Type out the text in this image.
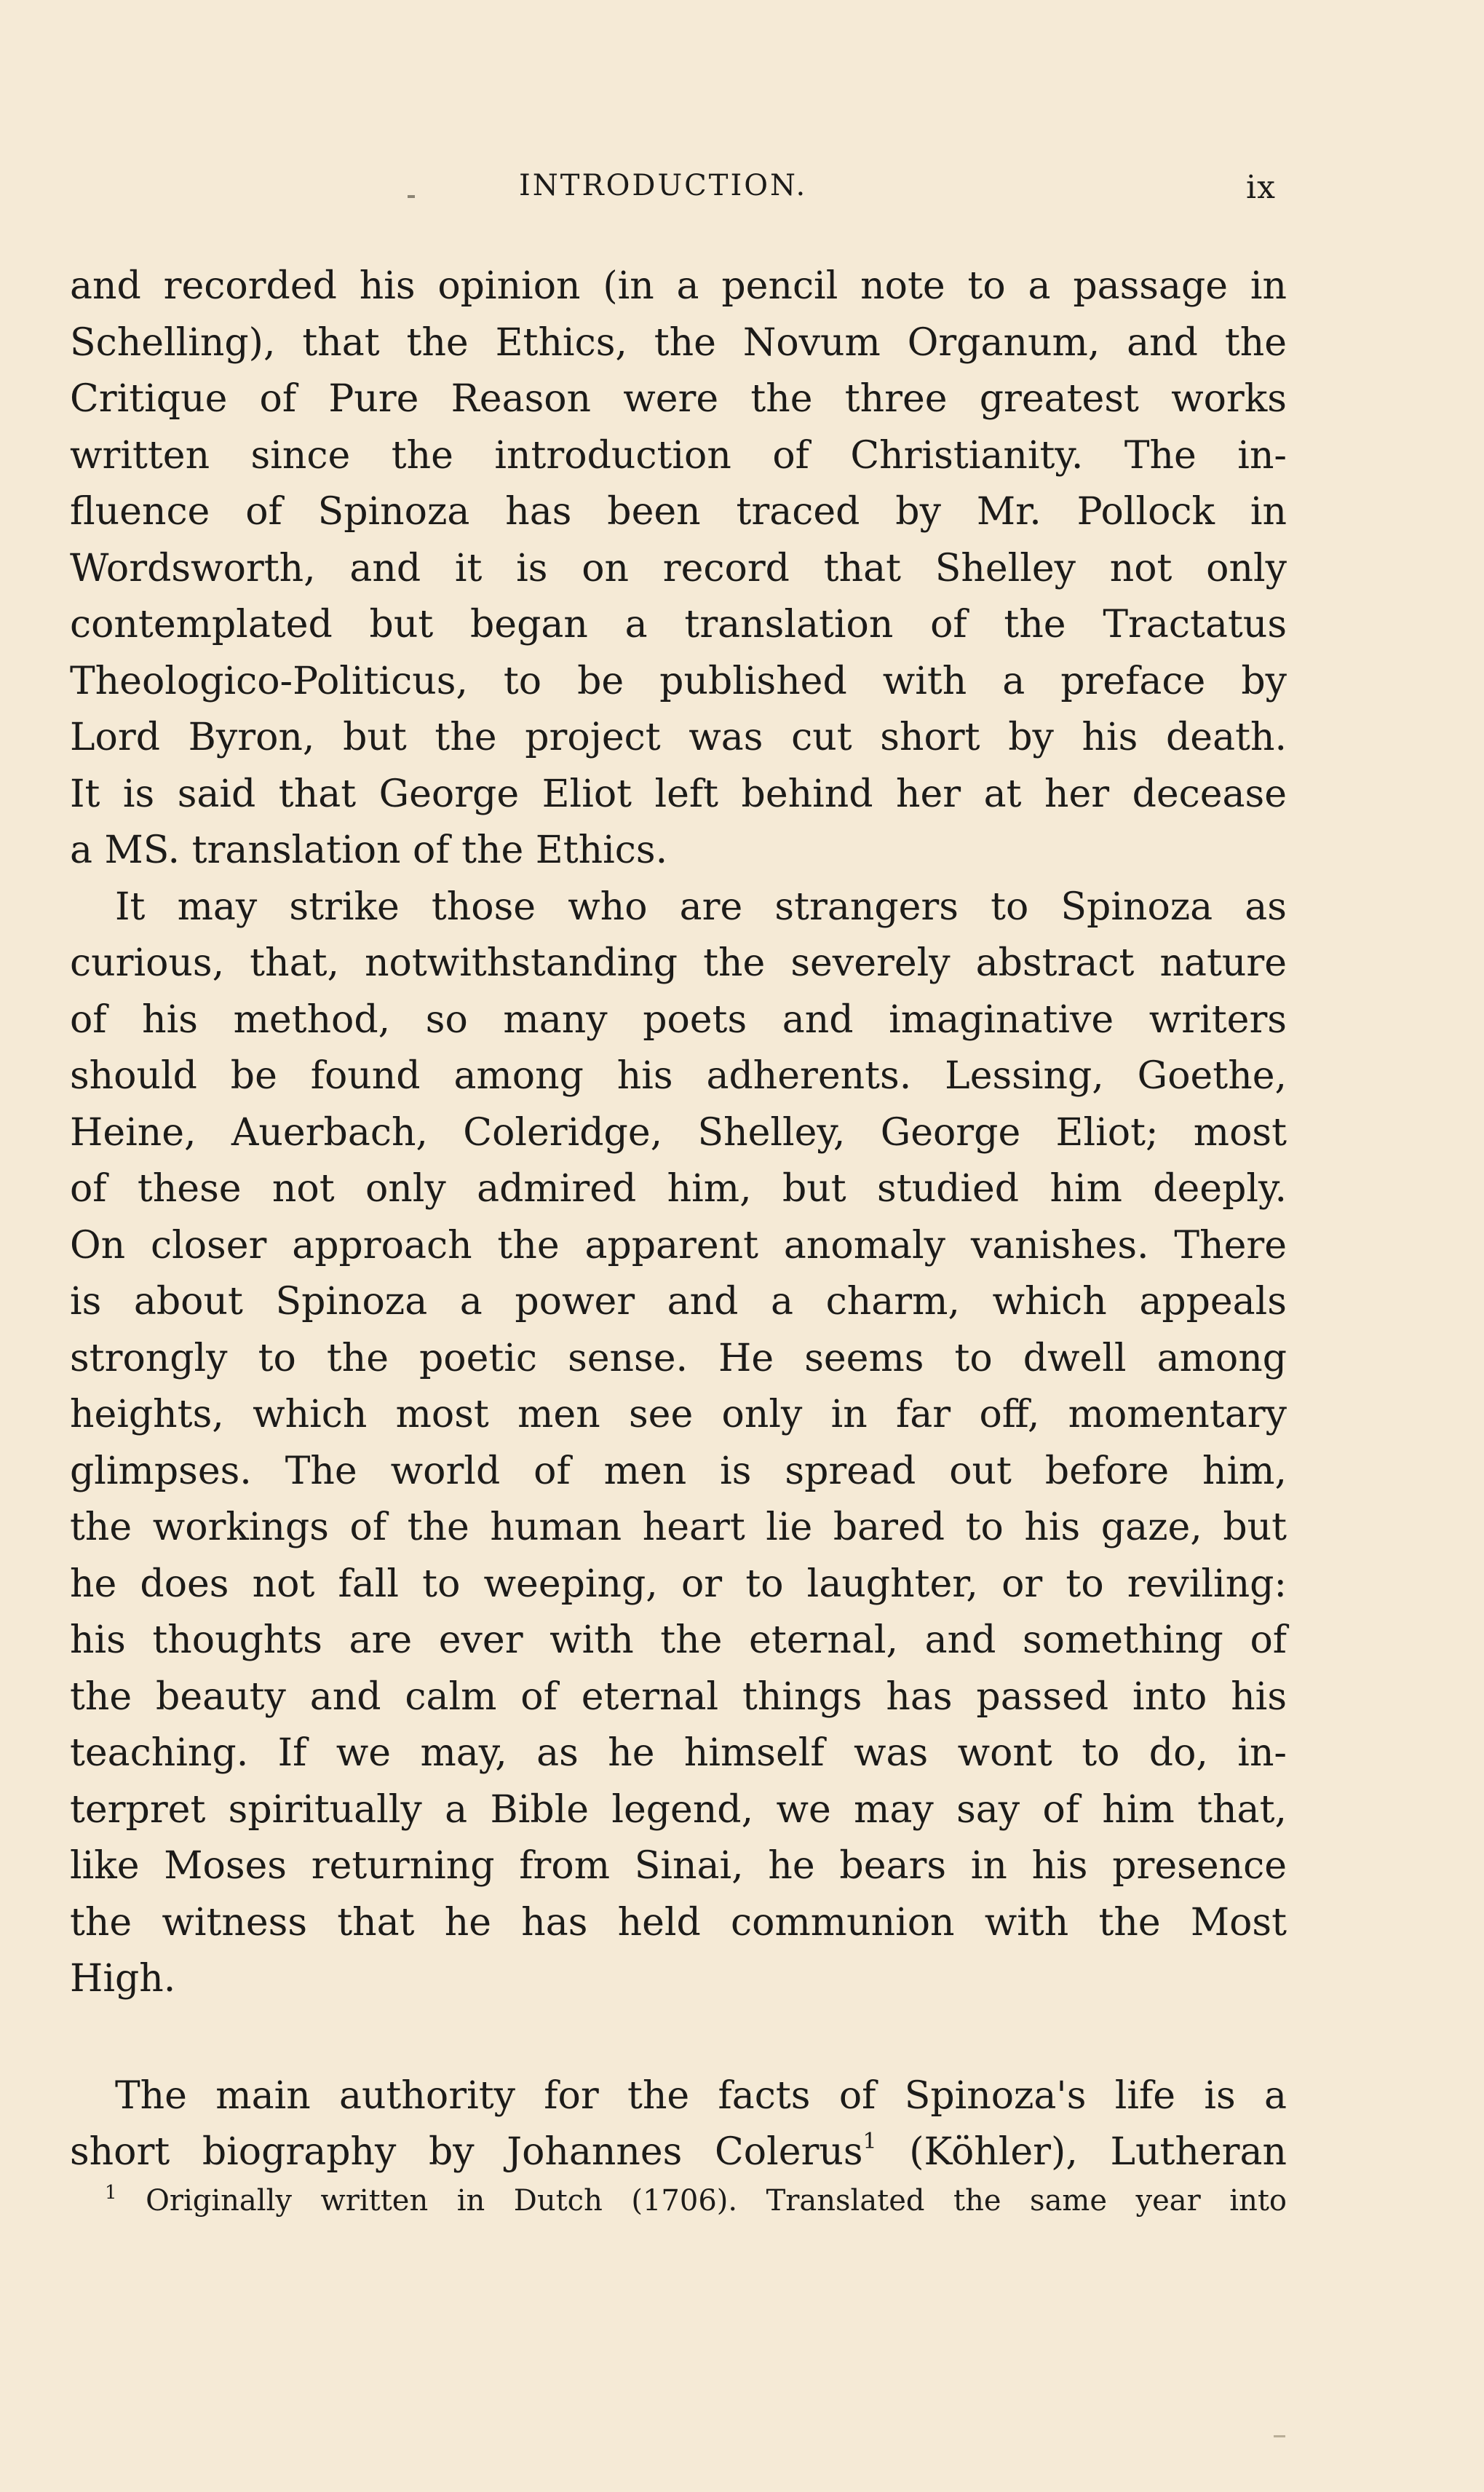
INTRODUCTION.	ix
and recorded his opinion (in a pencil note to a passage in
Schelling), that the Ethics, the Novum Organum, and the
Critique of Pure Reason were the three greatest works
written since the introduction of Christianity. The in-
fluence of Spinoza has been traced by Mr. Pollock in
Wordsworth, and it is on record that Shelley not only
contemplated but began a translation of the Tractatus
Theologico-Politicus, to be published with a preface by
Lord Byron, but the project was cut short by his death.
It is said that George Eliot left behind her at her decease
a MS. translation of the Ethics.
It may strike those who are strangers to Spinoza as
curious, that, notwithstanding the severely abstract nature
of his method, so many poets and imaginative writers
should be found among his adherents. Lessing, Goethe,
Heine, Auerbach, Coleridge, Shelley, George Eliot; most
of these not only admired him, but studied him deeply.
On closer approach the apparent anomaly vanishes. There
is about Spinoza a power and a charm, which appeals
strongly to the poetic sense. He seems to dwell among
heights, which most men see only in far off, momentary
glimpses. The world of men is spread out before him,
the workings of the human heart lie bared to his gaze, but
he does not fall to weeping, or to laughter, or to reviling:
his thoughts are ever with the eternal, and something of
the beauty and calm of eternal things has passed into his
teaching. If we may, as he himself was wont to do, in-
terpret spiritually a Bible legend, we may say of him that,
like Moses returning from Sinai, he bears in his presence
the witness that he has held communion with the Most
High.
The main authority for the facts of Spinoza's life is a
short biography by Johannes Colerus$^1$ (Köhler), Lutheran
$^1$ Originally written in Dutch (1706). Translated the same year into
